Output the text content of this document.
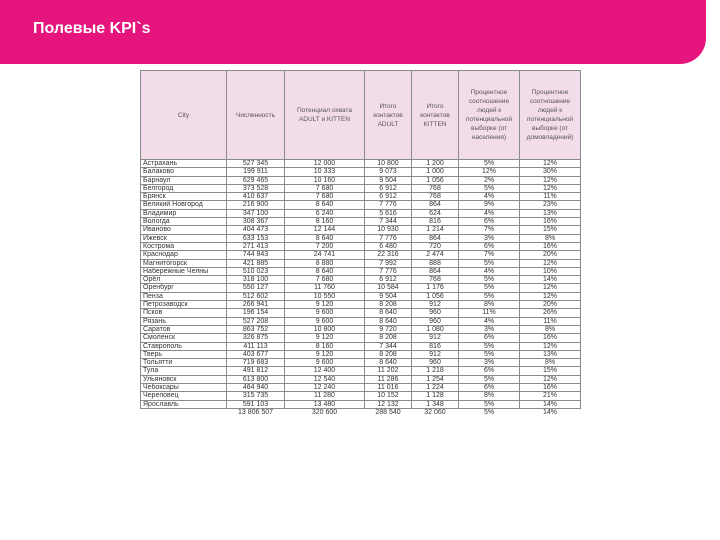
Полевые KPI`s
City	Численность	Потенциал охвата ADULT и KITTEN	Итого контактов ADULT	Итого контактов KITTEN	Процентное соотношение людей к потенциальной выборке (от населения)	Процентное соотношение людей к потенциальной выборке (от домовладений)
Астрахань	527 345	12 000	10 800	1 200	5%	12%
Балаково	199 911	10 333	9 073	1 000	12%	30%
Барнаул	629 465	10 160	9 504	1 056	2%	12%
Белгород	373 528	7 680	6 912	768	5%	12%
Брянск	410 637	7 680	6 912	768	4%	11%
Великий Новгород	216 900	8 640	7 776	864	9%	23%
Владимир	347 100	6 240	5 616	624	4%	13%
Вологда	308 367	8 160	7 344	816	6%	16%
Иваново	404 473	12 144	10 930	1 214	7%	15%
Ижевск	633 153	8 640	7 776	864	3%	8%
Кострома	271 413	7 200	6 480	720	6%	16%
Краснодар	744 843	24 741	22 316	2 474	7%	20%
Магнитогорск	421 885	8 880	7 992	888	5%	12%
Набережные Челны	510 023	8 640	7 776	864	4%	10%
Орёл	318 100	7 680	6 912	768	5%	14%
Оренбург	550 127	11 760	10 584	1 176	5%	12%
Пенза	512 602	10 550	9 504	1 056	5%	12%
Петрозаводск	266 941	9 120	8 208	912	8%	20%
Псков	196 154	9 600	8 640	960	11%	26%
Рязань	527 208	9 600	8 640	960	4%	11%
Саратов	863 752	10 800	9 720	1 080	3%	8%
Смоленск	326 875	9 120	8 208	912	6%	16%
Ставрополь	411 113	8 160	7 344	816	5%	12%
Тверь	403 677	9 120	8 208	912	5%	13%
Тольятти	719 683	9 600	8 640	960	3%	8%
Тула	491 812	12 400	11 202	1 218	6%	15%
Ульяновск	613 800	12 540	11 286	1 254	5%	12%
Чебоксары	464 940	12 240	11 016	1 224	6%	16%
Череповец	315 735	11 280	10 152	1 128	8%	21%
Ярославль	591 103	13 480	12 132	1 348	5%	14%
	13 806 507	320 600	288 540	32 060	5%	14%
